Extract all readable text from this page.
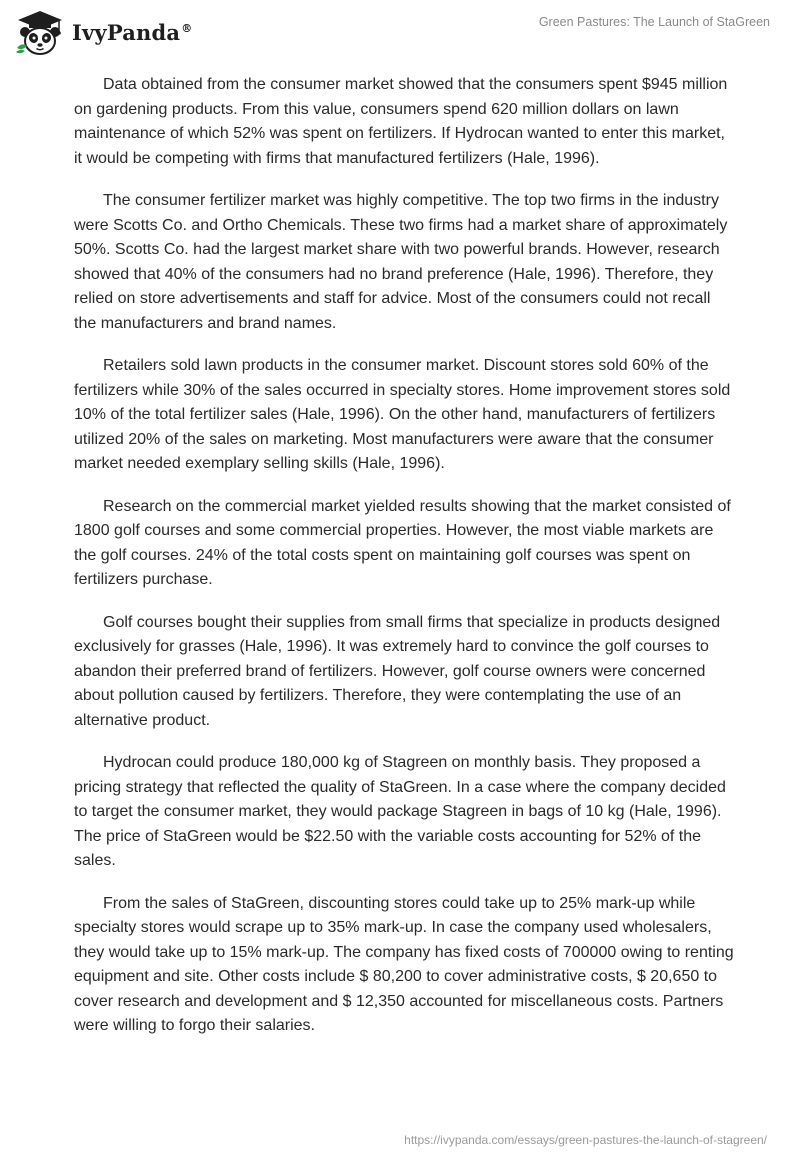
IvyPanda®	Green Pastures: The Launch of StaGreen

Data obtained from the consumer market showed that the consumers spent $945 million on gardening products. From this value, consumers spend 620 million dollars on lawn maintenance of which 52% was spent on fertilizers. If Hydrocan wanted to enter this market, it would be competing with firms that manufactured fertilizers (Hale, 1996).

The consumer fertilizer market was highly competitive. The top two firms in the industry were Scotts Co. and Ortho Chemicals. These two firms had a market share of approximately 50%. Scotts Co. had the largest market share with two powerful brands. However, research showed that 40% of the consumers had no brand preference (Hale, 1996). Therefore, they relied on store advertisements and staff for advice. Most of the consumers could not recall the manufacturers and brand names.

Retailers sold lawn products in the consumer market. Discount stores sold 60% of the fertilizers while 30% of the sales occurred in specialty stores. Home improvement stores sold 10% of the total fertilizer sales (Hale, 1996). On the other hand, manufacturers of fertilizers utilized 20% of the sales on marketing. Most manufacturers were aware that the consumer market needed exemplary selling skills (Hale, 1996).

Research on the commercial market yielded results showing that the market consisted of 1800 golf courses and some commercial properties. However, the most viable markets are the golf courses. 24% of the total costs spent on maintaining golf courses was spent on fertilizers purchase.

Golf courses bought their supplies from small firms that specialize in products designed exclusively for grasses (Hale, 1996). It was extremely hard to convince the golf courses to abandon their preferred brand of fertilizers. However, golf course owners were concerned about pollution caused by fertilizers. Therefore, they were contemplating the use of an alternative product.

Hydrocan could produce 180,000 kg of Stagreen on monthly basis. They proposed a pricing strategy that reflected the quality of StaGreen. In a case where the company decided to target the consumer market, they would package Stagreen in bags of 10 kg (Hale, 1996). The price of StaGreen would be $22.50 with the variable costs accounting for 52% of the sales.

From the sales of StaGreen, discounting stores could take up to 25% mark-up while specialty stores would scrape up to 35% mark-up. In case the company used wholesalers, they would take up to 15% mark-up. The company has fixed costs of 700000 owing to renting equipment and site. Other costs include $ 80,200 to cover administrative costs, $ 20,650 to cover research and development and $ 12,350 accounted for miscellaneous costs. Partners were willing to forgo their salaries.

https://ivypanda.com/essays/green-pastures-the-launch-of-stagreen/
